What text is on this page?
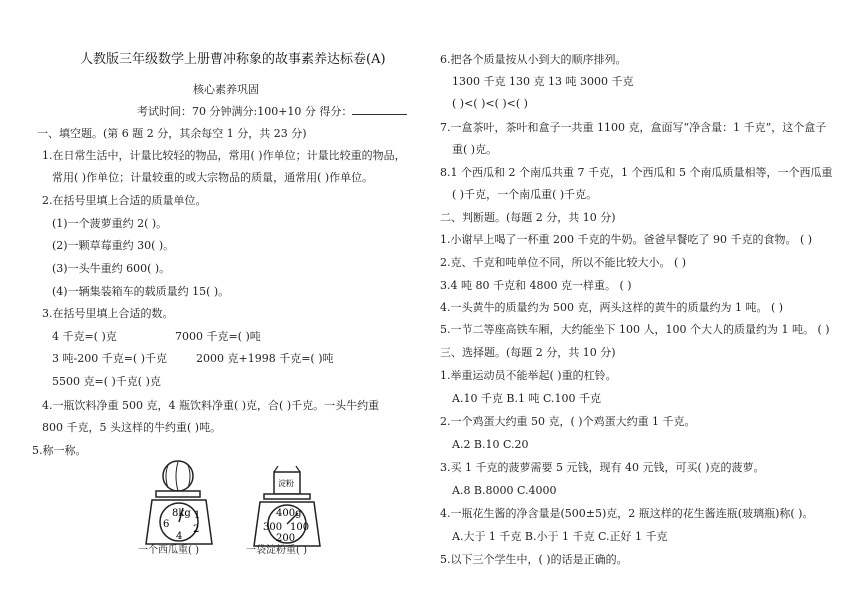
人教版三年级数学上册曹冲称象的故事素养达标卷(A)
核心素养巩固
考试时间：70 分钟满分:100+10 分 得分：
一、填空题。(第 6 题 2 分，其余每空 1 分，共 23 分)
1.在日常生活中，计量比较轻的物品，常用( )作单位；计量比较重的物品，
常用( )作单位；计量较重的或大宗物品的质量，通常用( )作单位。
2.在括号里填上合适的质量单位。
(1)一个菠萝重约 2( )。
(2)一颗草莓重约 30( )。
(3)一头牛重约 600( )。
(4)一辆集装箱车的载质量约 15( )。
3.在括号里填上合适的数。
4 千克=( )克	7000 千克=( )吨
3 吨-200 千克=( )千克	2000 克+1998 千克=( )吨
5500 克=( )千克( )克
4.一瓶饮料净重 500 克，4 瓶饮料净重( )克，合( )千克。一头牛约重
800 千克，5 头这样的牛约重( )吨。
5.称一称。
8kg 1
2
6
4
一个西瓜重( )
淀粉
400g
100
300
200
一袋淀粉重( )
6.把各个质量按从小到大的顺序排列。
1300 千克 130 克 13 吨 3000 千克
( )<( )<( )<( )
7.一盒茶叶，茶叶和盒子一共重 1100 克，盒面写“净含量：1 千克”，这个盒子
重( )克。
8.1 个西瓜和 2 个南瓜共重 7 千克，1 个西瓜和 5 个南瓜质量相等，一个西瓜重
( )千克，一个南瓜重( )千克。
二、判断题。(每题 2 分，共 10 分)
1.小谢早上喝了一杯重 200 千克的牛奶。爸爸早餐吃了 90 千克的食物。 ( )
2.克、千克和吨单位不同，所以不能比较大小。 ( )
3.4 吨 80 千克和 4800 克一样重。 ( )
4.一头黄牛的质量约为 500 克，两头这样的黄牛的质量约为 1 吨。 ( )
5.一节二等座高铁车厢，大约能坐下 100 人，100 个大人的质量约为 1 吨。 ( )
三、选择题。(每题 2 分，共 10 分)
1.举重运动员不能举起( )重的杠铃。
A.10 千克 B.1 吨 C.100 千克
2.一个鸡蛋大约重 50 克，( )个鸡蛋大约重 1 千克。
A.2 B.10 C.20
3.买 1 千克的菠萝需要 5 元钱，现有 40 元钱，可买( )克的菠萝。
A.8 B.8000 C.4000
4.一瓶花生酱的净含量是(500±5)克，2 瓶这样的花生酱连瓶(玻璃瓶)称( )。
A.大于 1 千克 B.小于 1 千克 C.正好 1 千克
5.以下三个学生中，( )的话是正确的。
